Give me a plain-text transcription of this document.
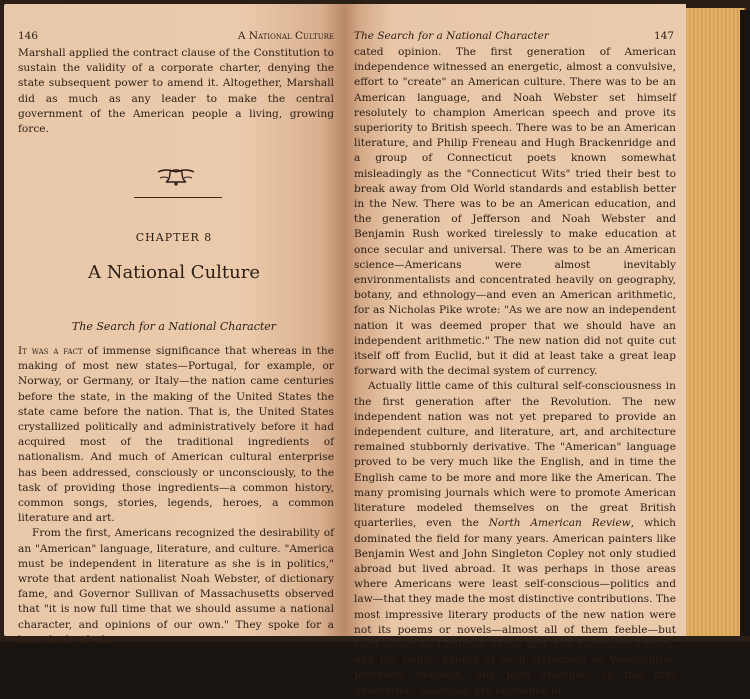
146	A National Culture

Marshall applied the contract clause of the Constitution to sustain the validity of a corporate charter, denying the state subsequent power to amend it. Altogether, Marshall did as much as any leader to make the central government of the American people a living, growing force.

CHAPTER 8
A National Culture
The Search for a National Character

It was a fact of immense significance that whereas in the making of most new states—Portugal, for example, or Norway, or Germany, or Italy—the nation came centuries before the state, in the making of the United States the state came before the nation. That is, the United States crystallized politically and administratively before it had acquired most of the traditional ingredients of nationalism. And much of American cultural enterprise has been addressed, consciously or unconsciously, to the task of providing those ingredients—a common history, common songs, stories, legends, heroes, a common literature and art.

From the first, Americans recognized the desirability of an "American" language, literature, and culture. "America must be independent in literature as she is in politics," wrote that ardent nationalist Noah Webster, of dictionary fame, and Governor Sullivan of Massachusetts observed that "it is now full time that we should assume a national character, and opinions of our own." They spoke for a large body of edu-

The Search for a National Character	147

cated opinion. The first generation of American independence witnessed an energetic, almost a convulsive, effort to "create" an American culture. There was to be an American language, and Noah Webster set himself resolutely to champion American speech and prove its superiority to British speech. There was to be an American literature, and Philip Freneau and Hugh Brackenridge and a group of Connecticut poets known somewhat misleadingly as the "Connecticut Wits" tried their best to break away from Old World standards and establish better in the New. There was to be an American education, and the generation of Jefferson and Noah Webster and Benjamin Rush worked tirelessly to make education at once secular and universal. There was to be an American science—Americans were almost inevitably environmentalists and concentrated heavily on geography, botany, and ethnology—and even an American arithmetic, for as Nicholas Pike wrote: "As we are now an independent nation it was deemed proper that we should have an independent arithmetic." The new nation did not quite cut itself off from Euclid, but it did at least take a great leap forward with the decimal system of currency.

Actually little came of this cultural self-consciousness in the first generation after the Revolution. The new independent nation was not yet prepared to provide an independent culture, and literature, art, and architecture remained stubbornly derivative. The "American" language proved to be very much like the English, and in time the English came to be more and more like the American. The many promising journals which were to promote American literature modeled themselves on the great British quarterlies, even the North American Review, which dominated the field for many years. American painters like Benjamin West and John Singleton Copley not only studied abroad but lived abroad. It was perhaps in those areas where Americans were least self-conscious—politics and law—that they made the most distinctive contributions. The most impressive literary products of the new nation were not its poems or novels—almost all of them feeble—but such books as Common Sense and The Federalist Papers, and the public papers of such statesmen as Washington, Jefferson, Madison, and John Marshall. In this first generation, American pre-eminence in
